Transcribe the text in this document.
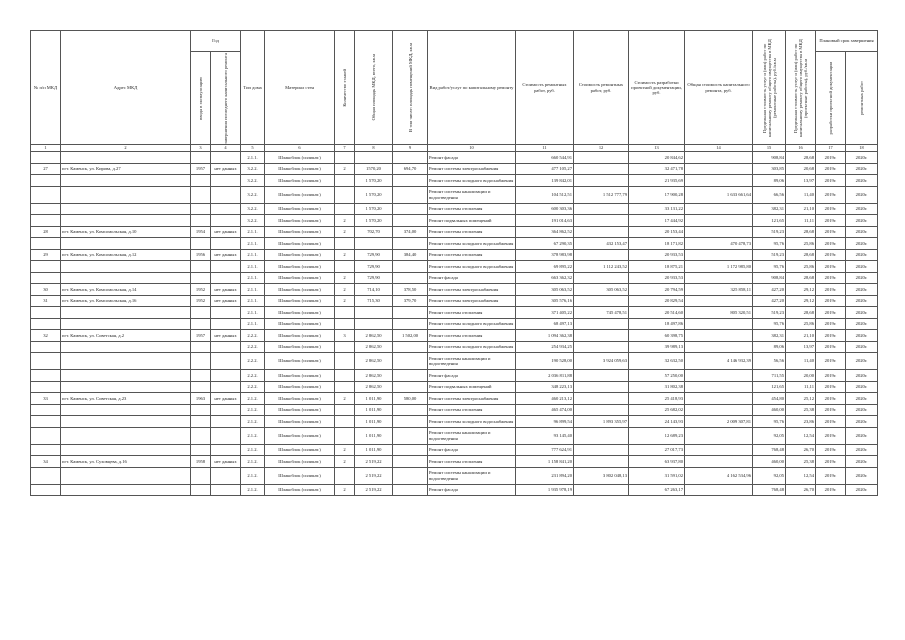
№ п/п МКД	Адрес МКД	Год		Тип домa	Материал стен	Количество этажей	Общая площадь МКД, всего, кв.м	В том числе: площадь помещений МКД, кв.м	Вид работ/услуг по капитальному ремонту	Стоимость ремонтных работ, руб.	Стоимость ремонтных работ, руб.	Стоимость разработки проектной документации, руб.	Общая стоимость капитального ремонта, руб.	Предельная стоимость услуг и (или) работ по капитальному ремонту общего имущества в МКД (ремонтные работы), руб./кв.м	Предельная стоимость услуг и (или) работ по капитальному ремонту общего имущества в МКД (проектные работы), руб./кв.м	Плановый срок завершения	

		ввода в эксплуатацию	завершения последнего капитального ремонта													разработки проектной документации	ремонтных работ

1	2	3	4	5	6	7	8	9	10	11	12	13	14	15	16	17	18
				2.1.1.	Шлакоблок (силикат.)				Ремонт фасада	660 544,91		20 844,62		908,84	28,68	2019г.	2020г.
27	пгт. Каменск, ул. Кирова, д.27	1957	нет данных	3.2.2.	Шлакоблок (силикат.)	2	1570,20	694,70	Ремонт системы электроснабжения	477 105,27		32 471,78		303,85	20,68	2019г.	2020г.
				3.2.2.	Шлакоблок (силикат.)		1 570,20		Ремонт системы холодного водоснабжения	139 842,01		21 935,69		89,06	13,97	2019г.	2020г.
				3.2.2.	Шлакоблок (силикат.)		1 570,20		Ремонт системы канализации и водоотведения	104 512,51	1 512 777,79	17 900,28	1 633 661,64	66,56	11,40	2019г.	2020г.
				3.2.2.	Шлакоблок (силикат.)		1 570,20		Ремонт системы отопления	600 303,36		33 131,22		382,31	21,10	2019г.	2020г.
				3.2.2.	Шлакоблок (силикат.)	2	1 570,20		Ремонт подвальных помещений	191 014,63		17 444,92		121,65	11,11	2019г.	2020г.
28	пгт. Каменск, ул. Комсомольская, д.10	1954	нет данных	2.1.1.	Шлакоблок (силикат.)	2	702,70	374,00	Ремонт системы отопления	364 862,52		20 153,44		519,23	28,68	2019г.	2020г.
				2.1.1.	Шлакоблок (силикат.)				Ремонт системы холодного водоснабжения	67 290,35	432 153,47	18 171,82	470 478,73	95,76	25,86	2019г.	2020г.
29	пгт. Каменск, ул. Комсомольская, д.12	1956	нет данных	2.1.1.	Шлакоблок (силикат.)	2	729,90	384,40	Ремонт системы отопления	378 983,98		20 933,53		519,23	28,68	2019г.	2020г.
				2.1.1.	Шлакоблок (силикат.)		729,90		Ремонт системы холодного водоснабжения	69 895,22	1 112 243,52	18 875,21	1 172 985,80	95,76	25,86	2019г.	2020г.
				2.1.1.	Шлакоблок (силикат.)	2	729,90		Ремонт фасада	663 362,32		20 933,53		908,84	28,68	2019г.	2020г.
30	пгт. Каменск, ул. Комсомольская, д.14	1952	нет данных	2.1.1.	Шлакоблок (силикат.)	2	714,10	378,50	Ремонт системы электроснабжения	305 063,52	305 063,52	20 794,59	325 858,11	427,20	29,12	2019г.	2020г.
31	пгт. Каменск, ул. Комсомольская, д.16	1952	нет данных	2.1.1.	Шлакоблок (силикат.)	2	715,30	379,70	Ремонт системы электроснабжения	305 576,16		20 829,54		427,20	29,12	2019г.	2020г.
				2.1.1.	Шлакоблок (силикат.)				Ремонт системы отопления	371 405,22	745 478,51	20 514,60	805 320,51	519,23	28,68	2019г.	2020г.
				2.1.1.	Шлакоблок (силикат.)				Ремонт системы холодного водоснабжения	68 497,13		18 497,86		95,76	25,86	2019г.	2020г.
32	пгт. Каменск, ул. Советская, д.2	1957	нет данных	2.2.2.	Шлакоблок (силикат.)	3	2 862,50	1 502,00	Ремонт системы отопления	1 094 362,38		60 398,75		382,31	21,10	2019г.	2020г.
				2.2.2.	Шлакоблок (силикат.)		2 862,50		Ремонт системы холодного водоснабжения	254 934,25		39 989,13		89,06	13,97	2019г.	2020г.
				2.2.2.	Шлакоблок (силикат.)		2 862,50		Ремонт системы канализации и водоотведения	190 528,00	3 924 059,63	32 632,50	4 146 932,39	56,56	11,40	2019г.	2020г.
				2.2.2.	Шлакоблок (силикат.)		2 862,50		Ремонт фасада	2 036 811,88		57 250,00		711,55	20,00	2019г.	2020г.
				2.2.2.	Шлакоблок (силикат.)		2 862,50		Ремонт подвальных помещений	348 223,13		31 802,38		121,65	11,11	2019г.	2020г.
33	пгт. Каменск, ул. Советская, д.23	1963	нет данных	2.1.2.	Шлакоблок (силикат.)	2	1 011,90	580,00	Ремонт системы электроснабжения	460 213,12		25 418,93		454,80	25,12	2019г.	2020г.
				2.1.2.	Шлакоблок (силикат.)		1 011,90		Ремонт системы отопления	465 474,00		25 682,02		460,00	25,38	2019г.	2020г.
				2.1.2.	Шлакоблок (силикат.)		1 011,90		Ремонт системы холодного водоснабжения	96 899,54	1 893 355,97	24 143,93	2 009 307,81	95,76	23,86	2019г.	2020г.
				2.1.2.	Шлакоблок (силикат.)		1 011,90		Ремонт системы канализации и водоотведения	93 145,40		12 689,23		92,05	12,54	2019г.	2020г.
				2.1.2.	Шлакоблок (силикат.)	2	1 011,90		Ремонт фасада	777 624,91		27 017,73		768,48	26,70	2019г.	2020г.
34	пгт. Каменск, ул. Суховцева, д.16	1958	нет данных	2.1.2.	Шлакоблок (силикат.)	2	2 519,22		Ремонт системы отопления	1 158 841,20		63 937,80		460,00	25,38	2019г.	2020г.
				2.1.2.	Шлакоблок (силикат.)		2 519,22		Ремонт системы канализации и водоотведения	231 894,20	3 802 048,13	31 591,02	4 162 534,96	92,05	12,54	2019г.	2020г.
				2.1.2.	Шлакоблок (силикат.)	2	2 519,22		Ремонт фасада	1 935 978,19		67 263,17		768,48	26,70	2019г.	2020г.
